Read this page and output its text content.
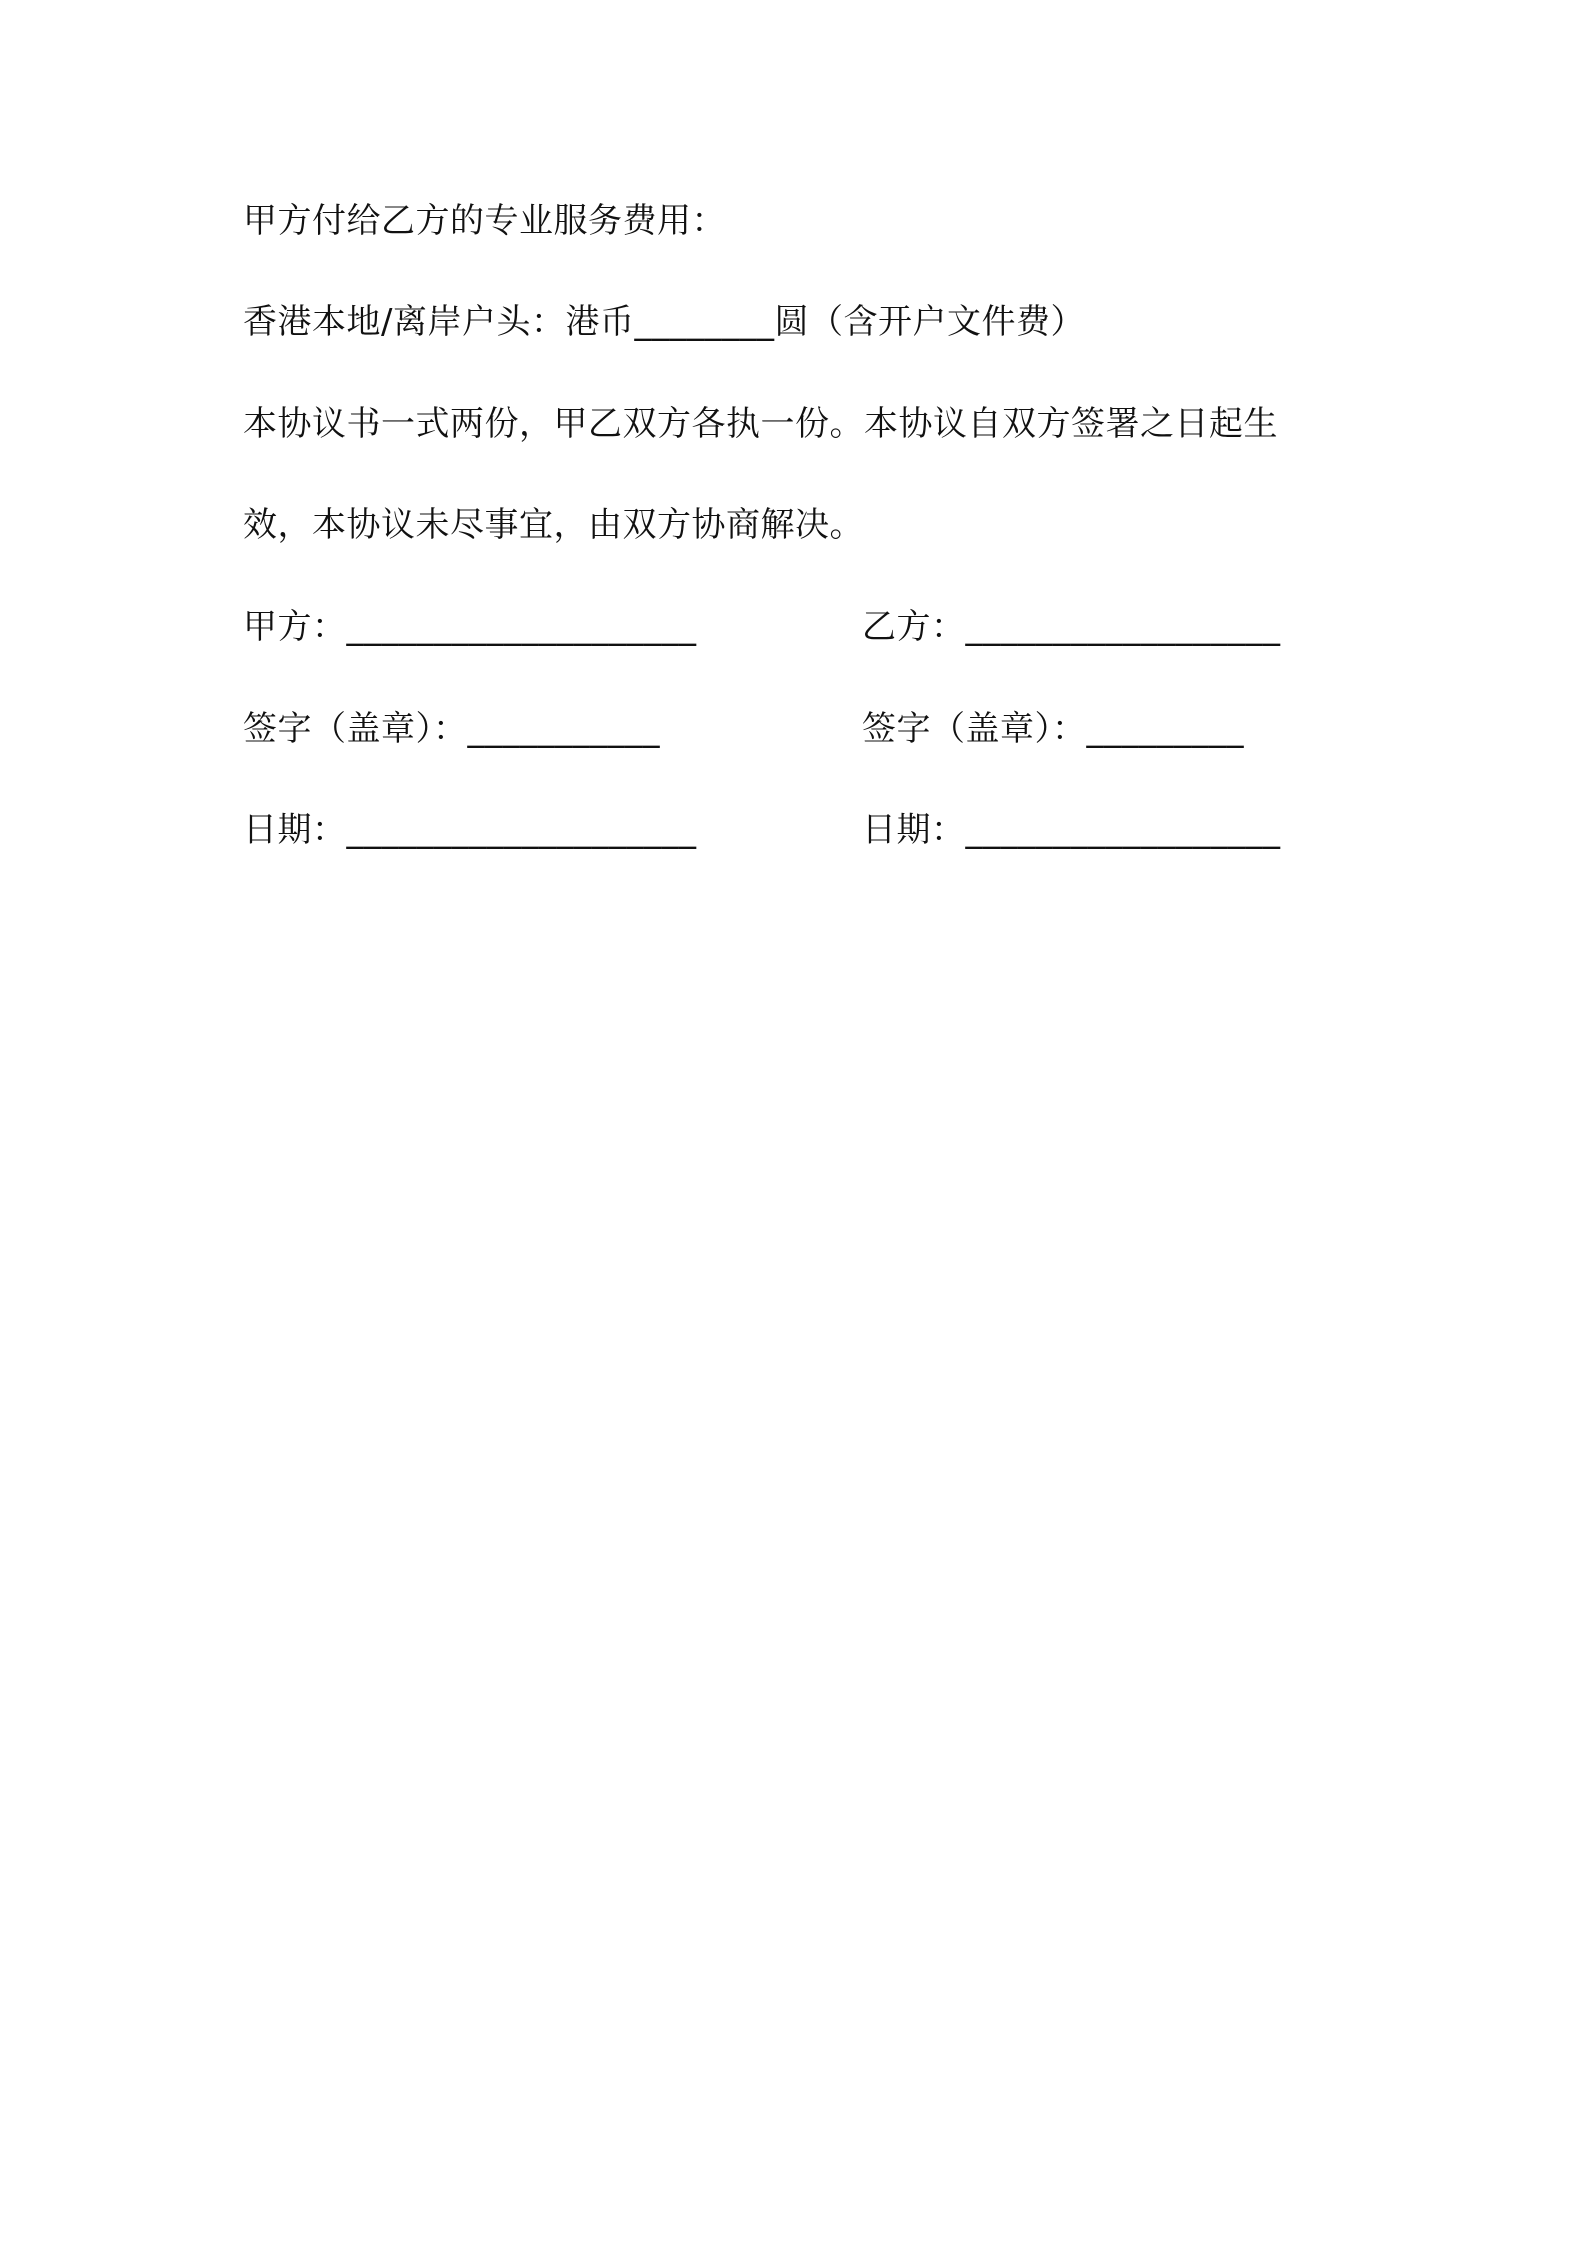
甲方付给乙方的专业服务费用：
香港本地/离岸户头：港币________圆（含开户文件费）
本协议书一式两份，甲乙双方各执一份。本协议自双方签署之日起生
效，本协议未尽事宜，由双方协商解决。
甲方：____________________
签字（盖章）：___________
日期：____________________
乙方：__________________
签字（盖章）：_________
日期：__________________
